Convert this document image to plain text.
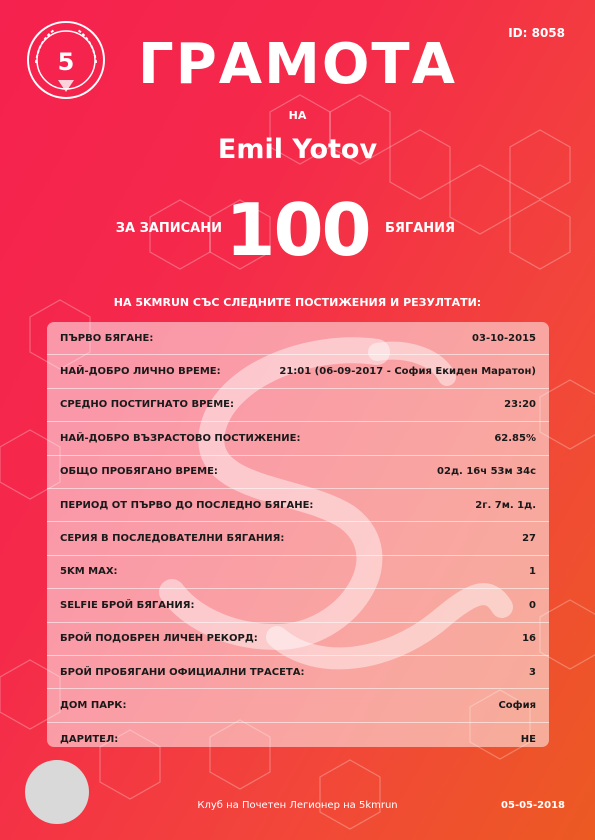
5
ID: 8058
ГРАМОТА
НА
Emil Yotov
ЗА ЗАПИСАНИ 100	БЯГАНИЯ
НА 5KMRUN СЪС СЛЕДНИТЕ ПОСТИЖЕНИЯ И РЕЗУЛТАТИ:
ПЪРВО БЯГАНЕ:	03-10-2015
НАЙ-ДОБРО ЛИЧНО ВРЕМЕ:	21:01 (06-09-2017 - София Екиден Маратон)
СРЕДНО ПОСТИГНАТО ВРЕМЕ:	23:20
НАЙ-ДОБРО ВЪЗРАСТОВО ПОСТИЖЕНИЕ:	62.85%
ОБЩО ПРОБЯГАНО ВРЕМЕ:	02д. 16ч 53м 34с
ПЕРИОД ОТ ПЪРВО ДО ПОСЛЕДНО БЯГАНЕ:	2г. 7м. 1д.
СЕРИЯ В ПОСЛЕДОВАТЕЛНИ БЯГАНИЯ:	27
5KM MAX:	1
SELFIE БРОЙ БЯГАНИЯ:	0
БРОЙ ПОДОБРЕН ЛИЧЕН РЕКОРД:	16
БРОЙ ПРОБЯГАНИ ОФИЦИАЛНИ ТРАСЕТА:	3
ДОМ ПАРК:	София
ДАРИТЕЛ:	НЕ
Клуб на Почетен Легионер на 5kmrun	05-05-2018
